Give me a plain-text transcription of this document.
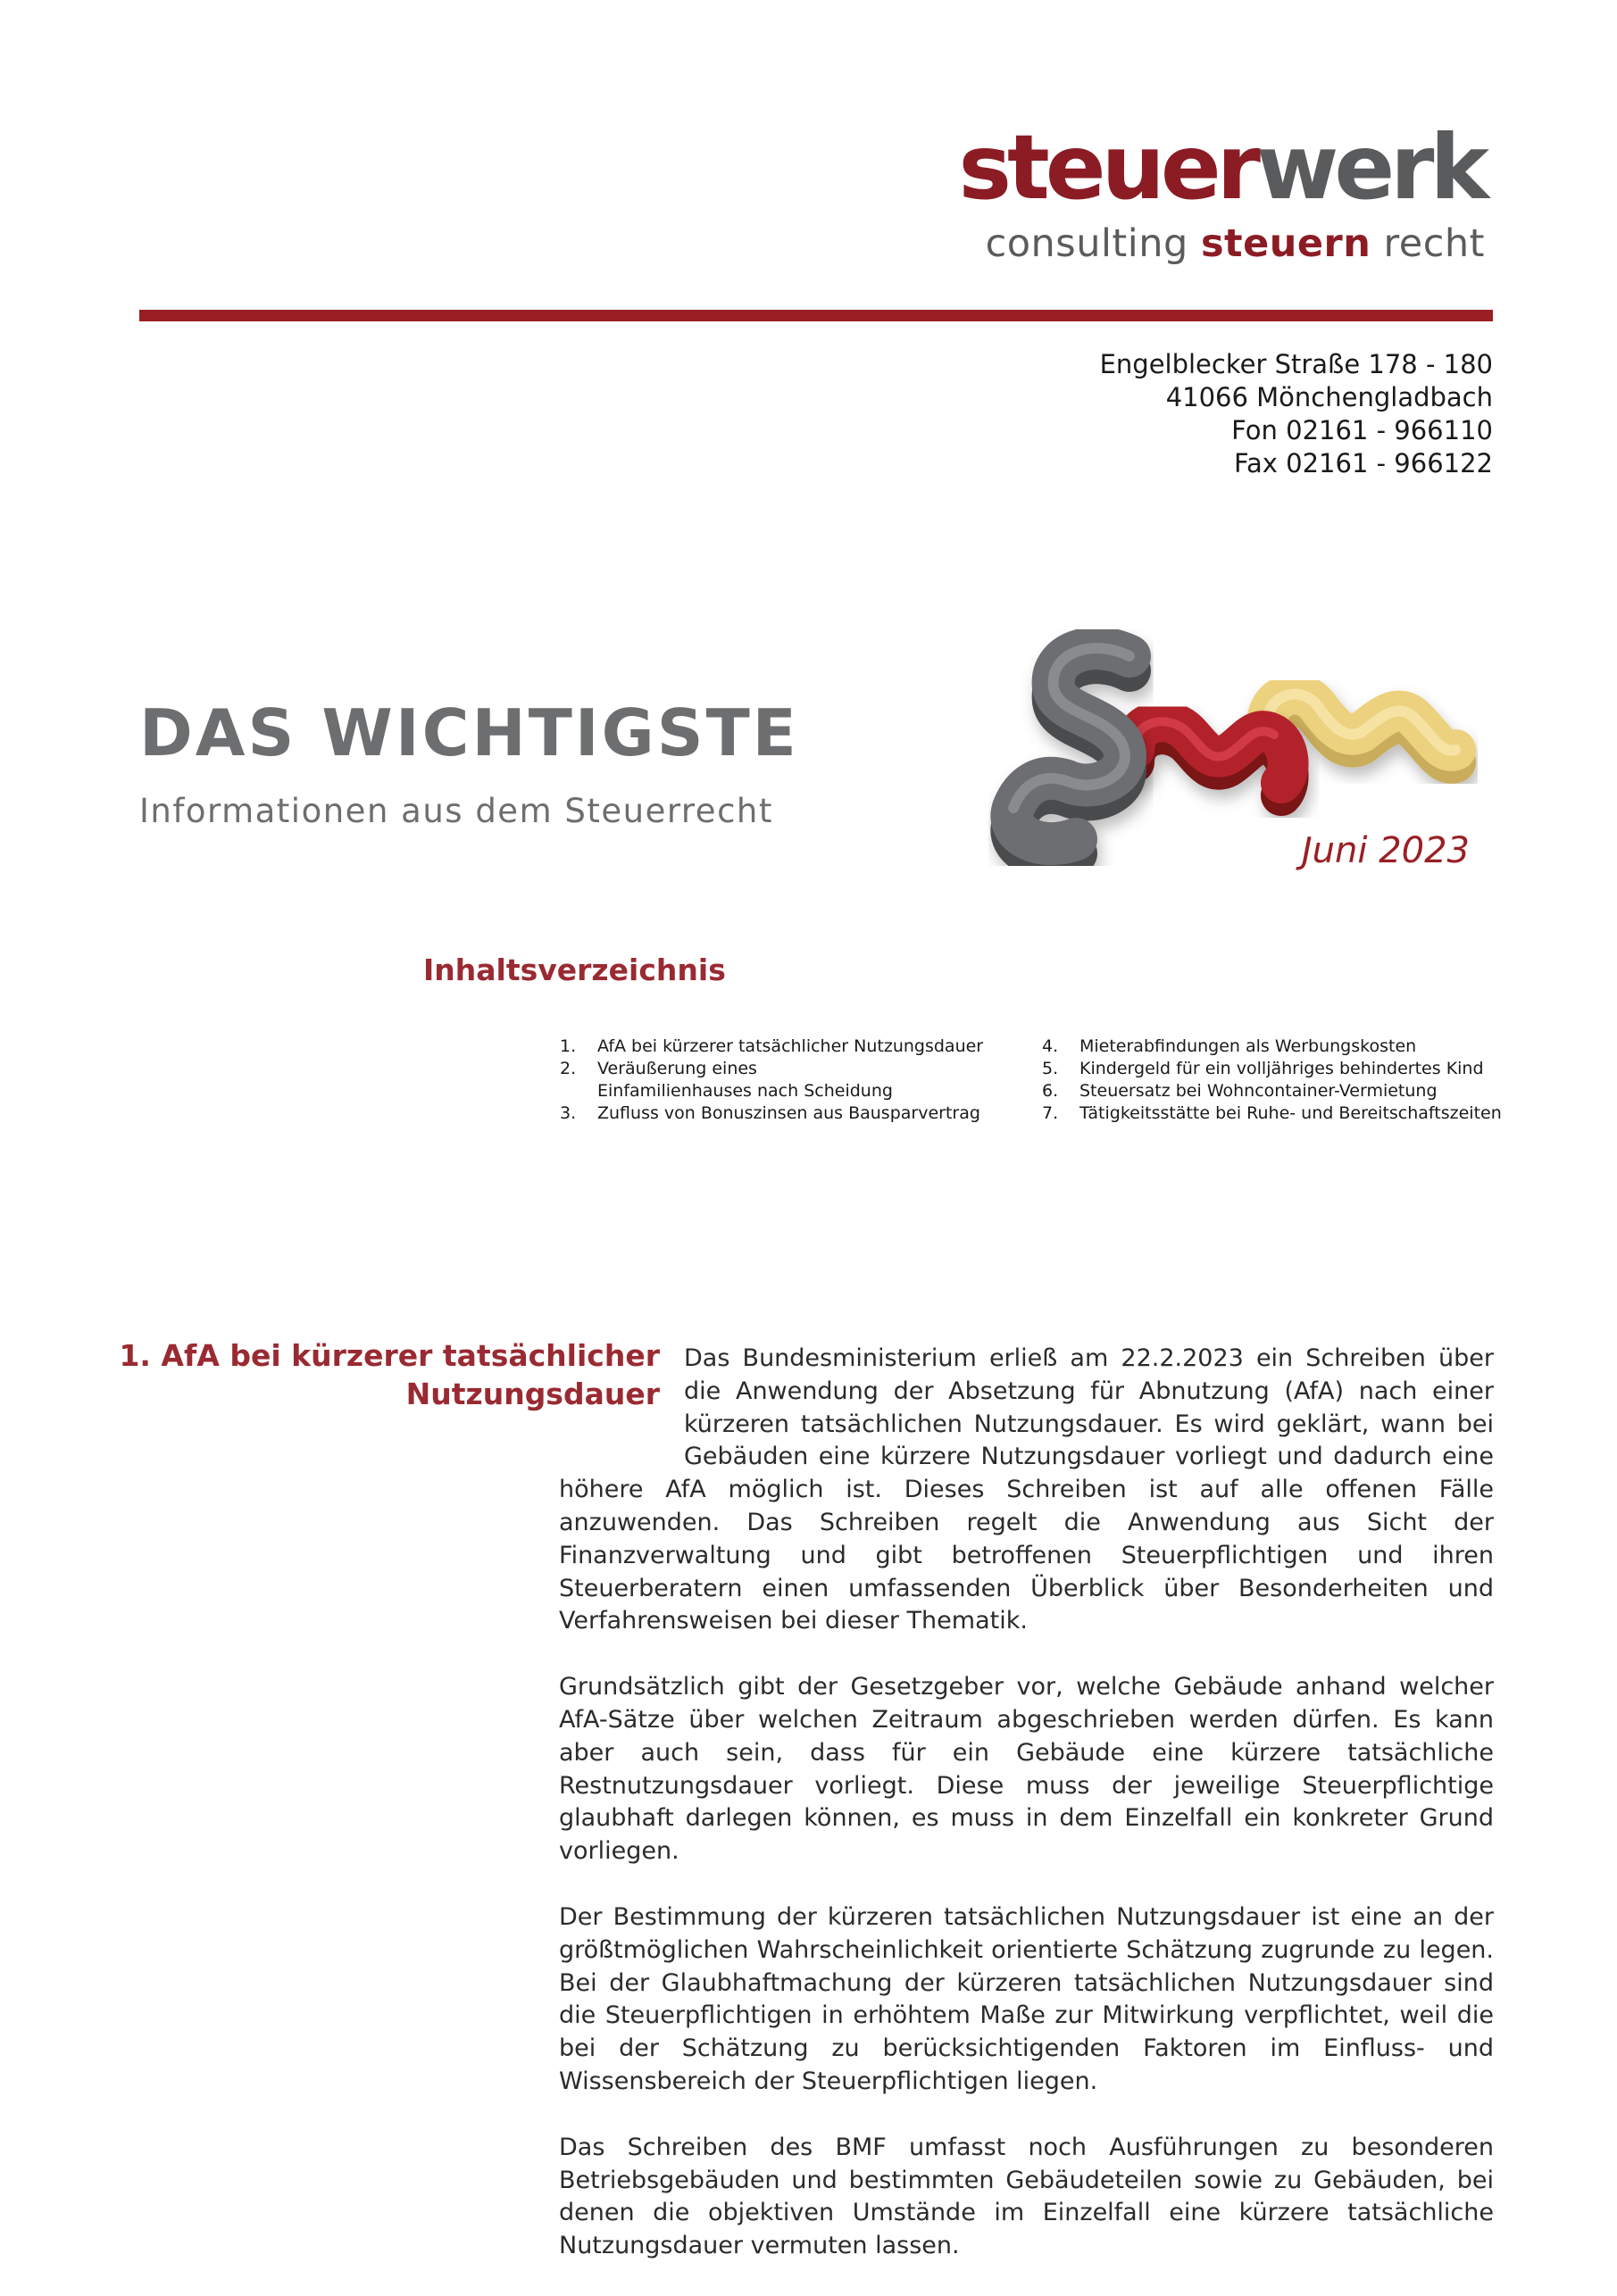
steuerwerk
consulting steuern recht
Engelblecker Straße 178 - 180
41066 Mönchengladbach
Fon 02161 - 966110
Fax 02161 - 966122
DAS WICHTIGSTE
Informationen aus dem Steuerrecht
Juni 2023
Inhaltsverzeichnis
1.	AfA bei kürzerer tatsächlicher Nutzungsdauer
2.	Veräußerung eines Einfamilienhauses nach Scheidung
3.	Zufluss von Bonuszinsen aus Bausparvertrag
4.	Mieterabfindungen als Werbungskosten
5.	Kindergeld für ein volljähriges behindertes Kind
6.	Steuersatz bei Wohncontainer-Vermietung
7.	Tätigkeitsstätte bei Ruhe- und Bereitschaftszeiten
1. AfA bei kürzerer tatsächlicher
Nutzungsdauer

Das Bundesministerium erließ am 22.2.2023 ein Schreiben über die Anwendung der Absetzung für Abnutzung (AfA) nach einer kürzeren tatsächlichen Nutzungsdauer. Es wird geklärt, wann bei Gebäuden eine kürzere Nutzungsdauer vorliegt und dadurch eine höhere AfA möglich ist. Dieses Schreiben ist auf alle offenen Fälle anzuwenden. Das Schreiben regelt die Anwendung aus Sicht der Finanzverwaltung und gibt betroffenen Steuerpflichtigen und ihren Steuerberatern einen umfassenden Überblick über Besonderheiten und Verfahrensweisen bei dieser Thematik.

Grundsätzlich gibt der Gesetzgeber vor, welche Gebäude anhand welcher AfA-Sätze über welchen Zeitraum abgeschrieben werden dürfen. Es kann aber auch sein, dass für ein Gebäude eine kürzere tatsächliche Restnutzungsdauer vorliegt. Diese muss der jeweilige Steuerpflichtige glaubhaft darlegen können, es muss in dem Einzelfall ein konkreter Grund vorliegen.

Der Bestimmung der kürzeren tatsächlichen Nutzungsdauer ist eine an der größtmöglichen Wahrscheinlichkeit orientierte Schätzung zugrunde zu legen. Bei der Glaubhaftmachung der kürzeren tatsächlichen Nutzungsdauer sind die Steuerpflichtigen in erhöhtem Maße zur Mitwirkung verpflichtet, weil die bei der Schätzung zu berücksichtigenden Faktoren im Einfluss- und Wissensbereich der Steuerpflichtigen liegen.

Das Schreiben des BMF umfasst noch Ausführungen zu besonderen Betriebsgebäuden und bestimmten Gebäudeteilen sowie zu Gebäuden, bei denen die objektiven Umstände im Einzelfall eine kürzere tatsächliche Nutzungsdauer vermuten lassen.
